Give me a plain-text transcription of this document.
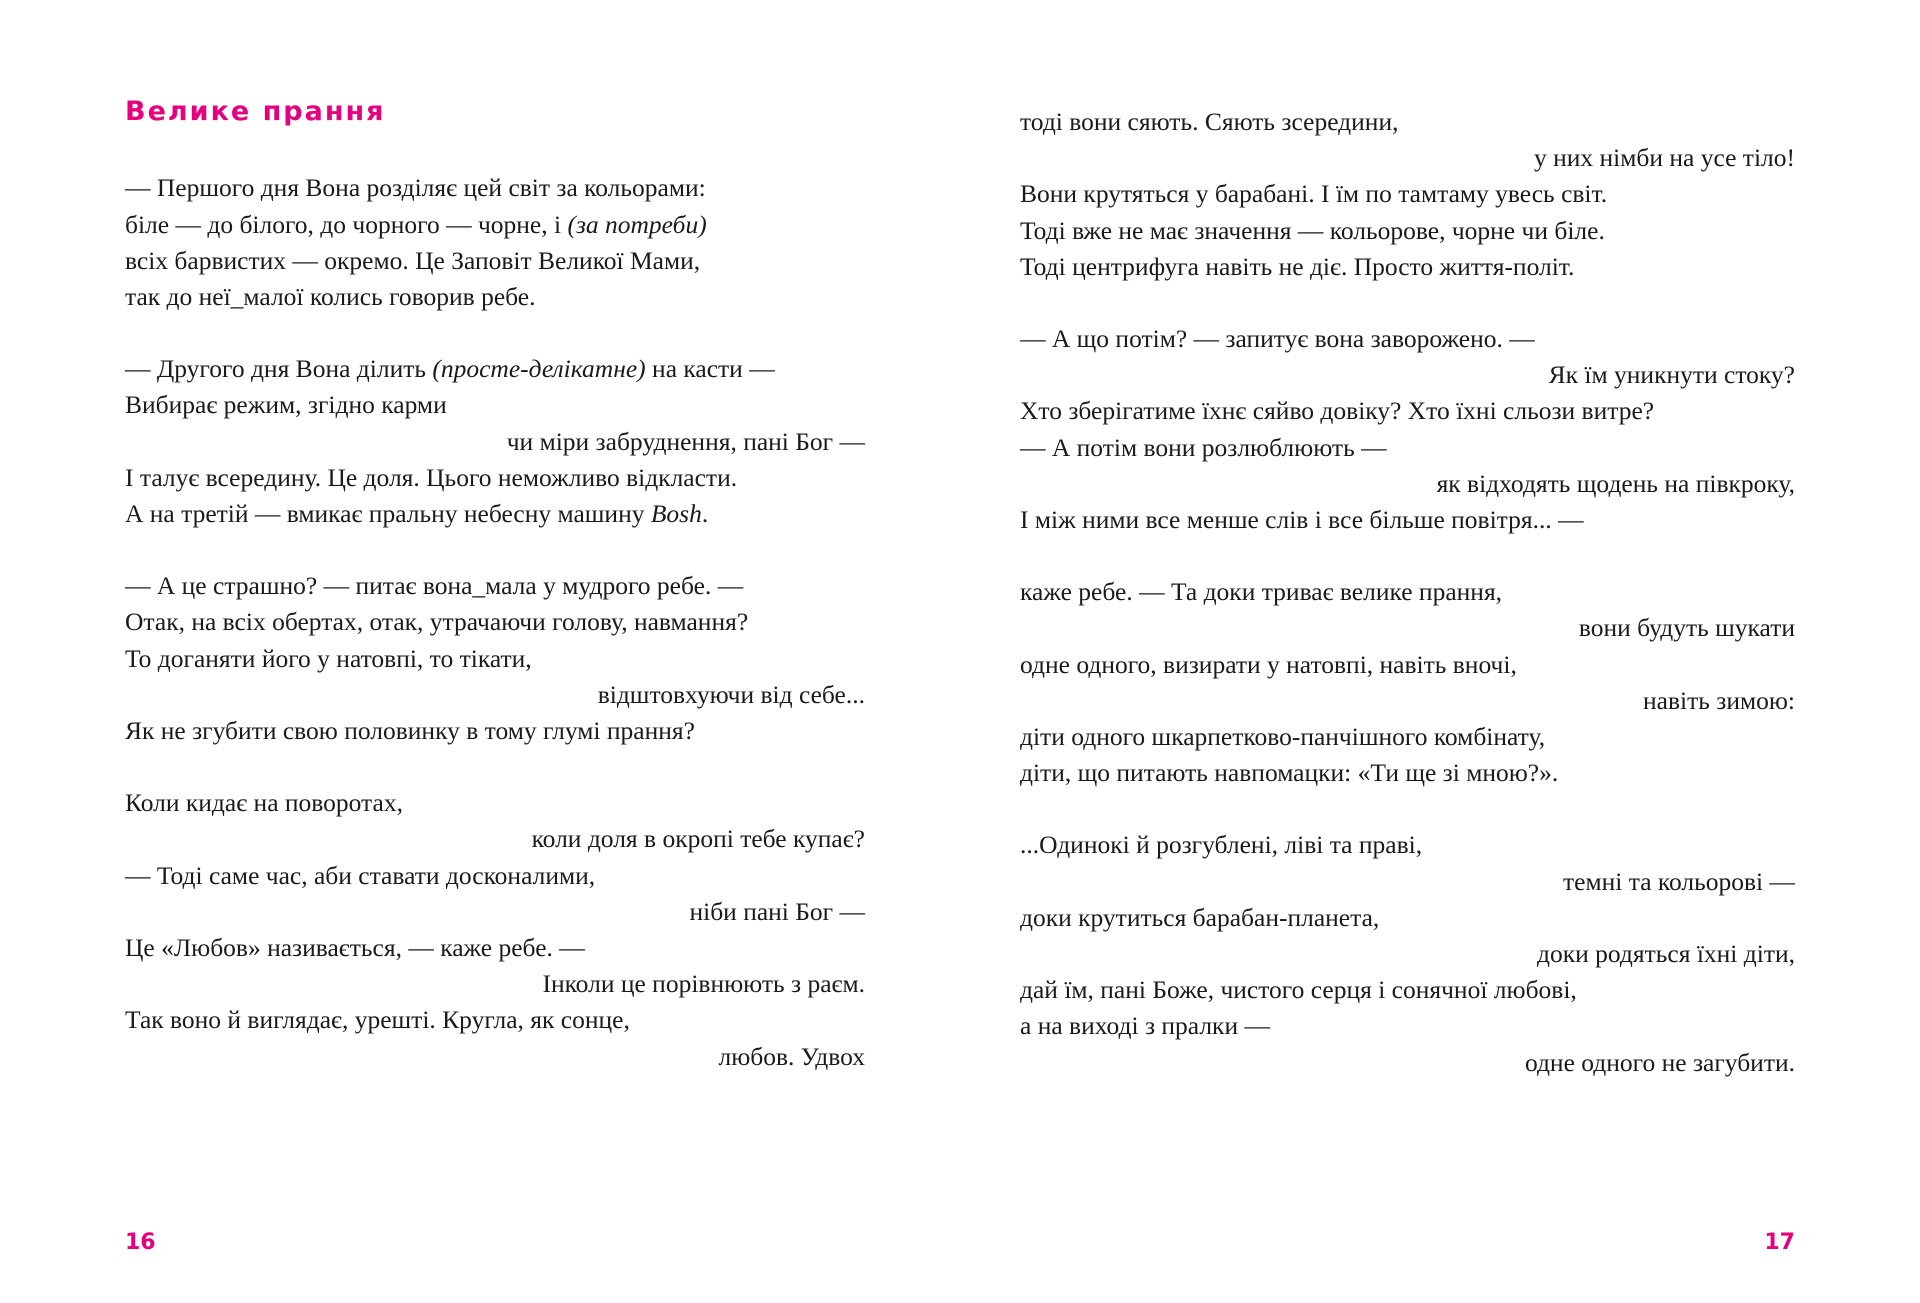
Велике прання
— Першого дня Вона розділяє цей світ за кольорами:
біле — до білого, до чорного — чорне, і (за потреби)
всіх барвистих — окремо. Це Заповіт Великої Мами,
так до неї_малої колись говорив ребе.
— Другого дня Вона ділить (просте-делікатне) на касти —
Вибирає режим, згідно карми
чи міри забруднення, пані Бог —
І талує всередину. Це доля. Цього неможливо відкласти.
А на третій — вмикає пральну небесну машину Bosh.
— А це страшно? — питає вона_мала у мудрого ребе. —
Отак, на всіх обертах, отак, утрачаючи голову, навмання?
То доганяти його у натовпі, то тікати,
відштовхуючи від себе...
Як не згубити свою половинку в тому глумі прання?
Коли кидає на поворотах,
коли доля в окропі тебе купає?
— Тоді саме час, аби ставати досконалими,
ніби пані Бог —
Це «Любов» називається, — каже ребе. —
Інколи це порівнюють з раєм.
Так воно й виглядає, урешті. Кругла, як сонце,
любов. Удвох
16
тоді вони сяють. Сяють зсередини,
у них німби на усе тіло!
Вони крутяться у барабані. І їм по тамтаму увесь світ.
Тоді вже не має значення — кольорове, чорне чи біле.
Тоді центрифуга навіть не діє. Просто життя-політ.
— А що потім? — запитує вона заворожено. —
Як їм уникнути стоку?
Хто зберігатиме їхнє сяйво довіку? Хто їхні сльози витре?
— А потім вони розлюблюють —
як відходять щодень на півкроку,
І між ними все менше слів і все більше повітря... —
каже ребе. — Та доки триває велике прання,
вони будуть шукати
одне одного, визирати у натовпі, навіть вночі,
навіть зимою:
діти одного шкарпетково-панчішного комбінату,
діти, що питають навпомацки: «Ти ще зі мною?».
...Одинокі й розгублені, ліві та праві,
темні та кольорові —
доки крутиться барабан-планета,
доки родяться їхні діти,
дай їм, пані Боже, чистого серця і сонячної любові,
а на виході з пралки —
одне одного не загубити.
17
